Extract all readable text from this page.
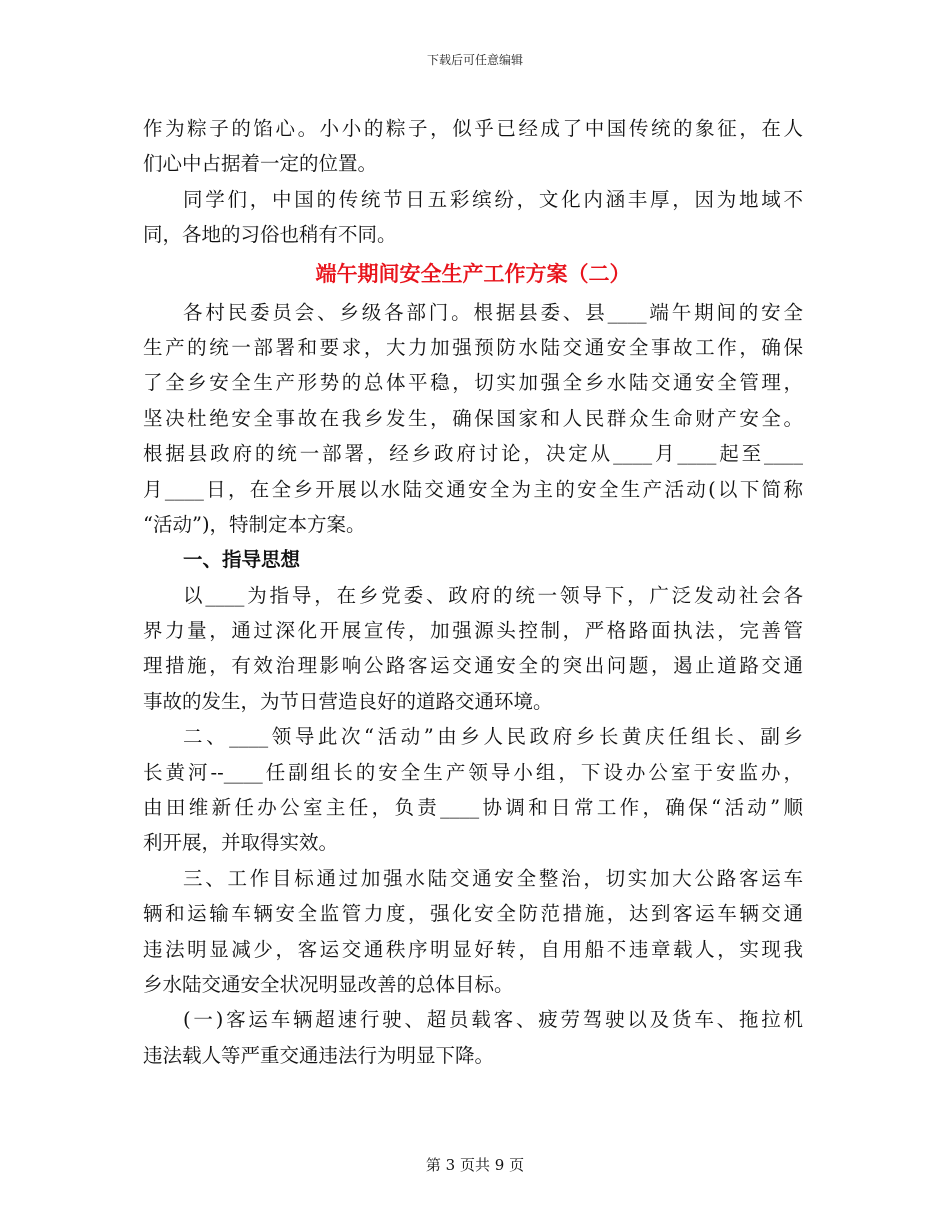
下载后可任意编辑
作为粽子的馅心。小小的粽子，似乎已经成了中国传统的象征，在人
们心中占据着一定的位置。
同学们，中国的传统节日五彩缤纷，文化内涵丰厚，因为地域不
同，各地的习俗也稍有不同。
端午期间安全生产工作方案（二）
各村民委员会、乡级各部门。根据县委、县____端午期间的安全
生产的统一部署和要求，大力加强预防水陆交通安全事故工作，确保
了全乡安全生产形势的总体平稳，切实加强全乡水陆交通安全管理，
坚决杜绝安全事故在我乡发生，确保国家和人民群众生命财产安全。
根据县政府的统一部署，经乡政府讨论，决定从____月____起至____
月____日，在全乡开展以水陆交通安全为主的安全生产活动(以下简称
“活动”)，特制定本方案。
一、指导思想
以____为指导，在乡党委、政府的统一领导下，广泛发动社会各
界力量，通过深化开展宣传，加强源头控制，严格路面执法，完善管
理措施，有效治理影响公路客运交通安全的突出问题，遏止道路交通
事故的发生，为节日营造良好的道路交通环境。
二、____领导此次“活动”由乡人民政府乡长黄庆任组长、副乡
长黄河--____任副组长的安全生产领导小组，下设办公室于安监办，
由田维新任办公室主任，负责____协调和日常工作，确保“活动”顺
利开展，并取得实效。
三、工作目标通过加强水陆交通安全整治，切实加大公路客运车
辆和运输车辆安全监管力度，强化安全防范措施，达到客运车辆交通
违法明显减少，客运交通秩序明显好转，自用船不违章载人，实现我
乡水陆交通安全状况明显改善的总体目标。
(一)客运车辆超速行驶、超员载客、疲劳驾驶以及货车、拖拉机
违法载人等严重交通违法行为明显下降。
第 3 页共 9 页
